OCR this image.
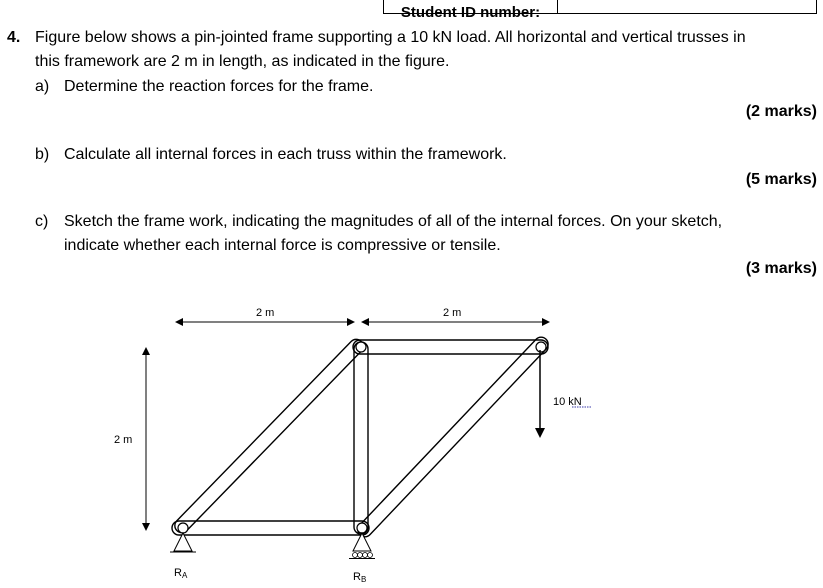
Student ID number:
4. Figure below shows a pin-jointed frame supporting a 10 kN load. All horizontal and vertical trusses in
this framework are 2 m in length, as indicated in the figure.
a) Determine the reaction forces for the frame.
(2 marks)
b) Calculate all internal forces in each truss within the framework.
(5 marks)
c) Sketch the frame work, indicating the magnitudes of all of the internal forces. On your sketch,
indicate whether each internal force is compressive or tensile.
(3 marks)
2 m	2 m
2 m
10 kN
RA	RB
